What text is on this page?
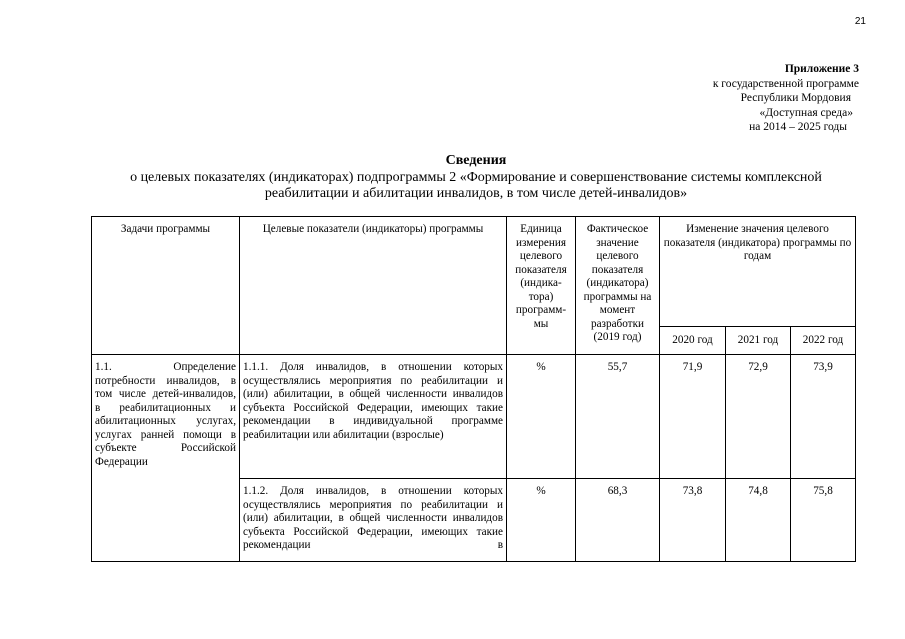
21
Приложение 3
к государственной программе
Республики Мордовия
«Доступная среда»
на 2014 – 2025 годы
Сведения
о целевых показателях (индикаторах) подпрограммы 2 «Формирование и совершенствование системы комплексной
реабилитации и абилитации инвалидов, в том числе детей-инвалидов»
Задачи программы	Целевые показатели (индикаторы) программы	Единица измерения целевого показателя (индика-тора) программ-мы	Фактическое значение целевого показателя (индикатора) программы на момент разработки (2019 год)	Изменение значения целевого показателя (индикатора) программы по годам		
				2020 год	2021 год	2022 год
1.1. Определение потребности инвалидов, в том числе детей-инвалидов, в реабилитационных и абилитационных услугах, услугах ранней помощи в субъекте Российской Федерации	1.1.1. Доля инвалидов, в отношении которых осуществлялись мероприятия по реабилитации и (или) абилитации, в общей численности инвалидов субъекта Российской Федерации, имеющих такие рекомендации в индивидуальной программе реабилитации или абилитации (взрослые)	%	55,7	71,9	72,9	73,9
	1.1.2. Доля инвалидов, в отношении которых осуществлялись мероприятия по реабилитации и (или) абилитации, в общей численности инвалидов субъекта Российской Федерации, имеющих такие рекомендации в	%	68,3	73,8	74,8	75,8
